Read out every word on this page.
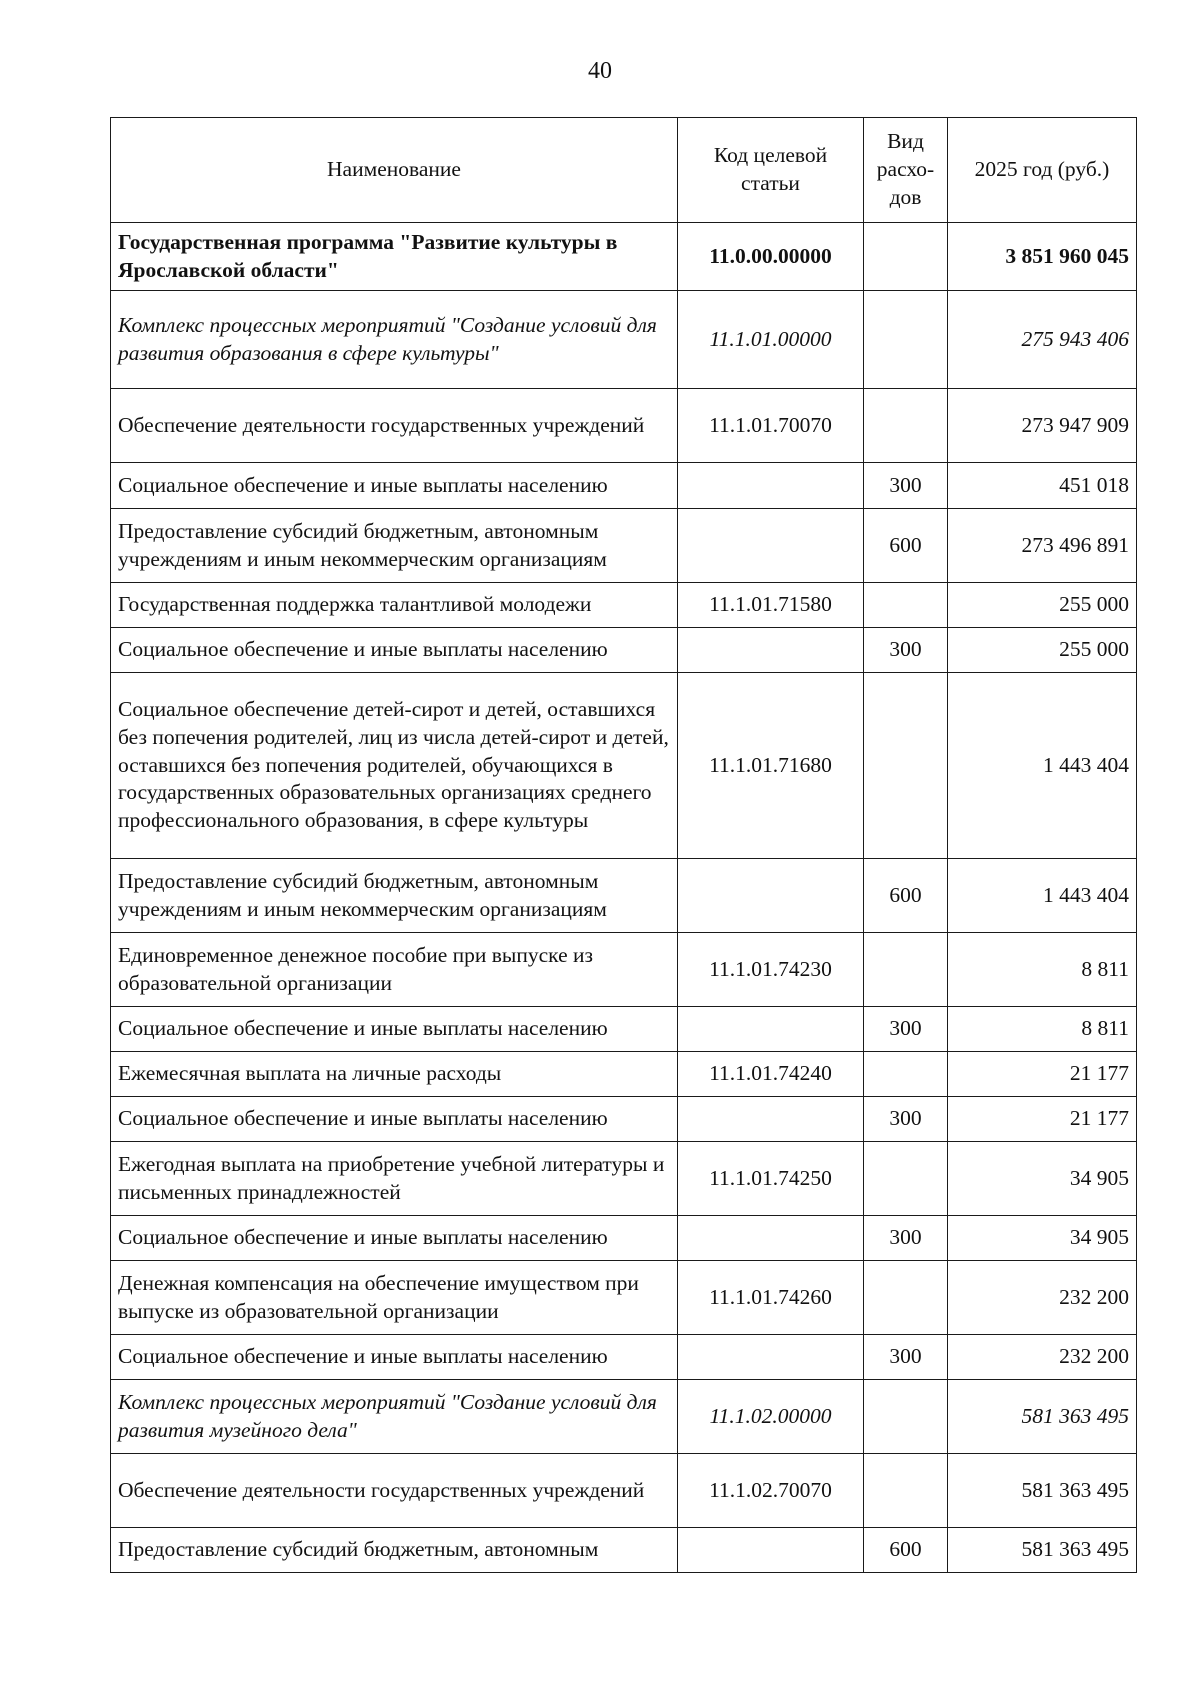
40
Наименование	Код целевой статьи	Вид расхо-дов	2025 год (руб.)
Государственная программа "Развитие культуры в Ярославской области"	11.0.00.00000		3 851 960 045
Комплекс процессных мероприятий "Создание условий для развития образования в сфере культуры"	11.1.01.00000		275 943 406
Обеспечение деятельности государственных учреждений	11.1.01.70070		273 947 909
Социальное обеспечение и иные выплаты населению		300	451 018
Предоставление субсидий бюджетным, автономным учреждениям и иным некоммерческим организациям		600	273 496 891
Государственная поддержка талантливой молодежи	11.1.01.71580		255 000
Социальное обеспечение и иные выплаты населению		300	255 000
Социальное обеспечение детей-сирот и детей, оставшихся без попечения родителей, лиц из числа детей-сирот и детей, оставшихся без попечения родителей, обучающихся в государственных образовательных организациях среднего профессионального образования, в сфере культуры	11.1.01.71680		1 443 404
Предоставление субсидий бюджетным, автономным учреждениям и иным некоммерческим организациям		600	1 443 404
Единовременное денежное пособие при выпуске из образовательной организации	11.1.01.74230		8 811
Социальное обеспечение и иные выплаты населению		300	8 811
Ежемесячная выплата на личные расходы	11.1.01.74240		21 177
Социальное обеспечение и иные выплаты населению		300	21 177
Ежегодная выплата на приобретение учебной литературы и письменных принадлежностей	11.1.01.74250		34 905
Социальное обеспечение и иные выплаты населению		300	34 905
Денежная компенсация на обеспечение имуществом при выпуске из образовательной организации	11.1.01.74260		232 200
Социальное обеспечение и иные выплаты населению		300	232 200
Комплекс процессных мероприятий "Создание условий для развития музейного дела"	11.1.02.00000		581 363 495
Обеспечение деятельности государственных учреждений	11.1.02.70070		581 363 495
Предоставление субсидий бюджетным, автономным		600	581 363 495
